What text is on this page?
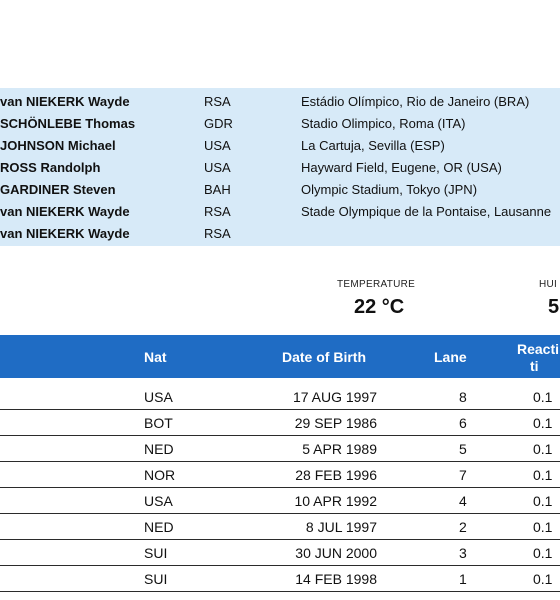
van NIEKERK Wayde	RSA	Estádio Olímpico, Rio de Janeiro (BRA)
SCHÖNLEBE Thomas	GDR	Stadio Olimpico, Roma (ITA)
JOHNSON Michael	USA	La Cartuja, Sevilla (ESP)
ROSS Randolph	USA	Hayward Field, Eugene, OR (USA)
GARDINER Steven	BAH	Olympic Stadium, Tokyo (JPN)
van NIEKERK Wayde	RSA	Stade Olympique de la Pontaise, Lausanne
van NIEKERK Wayde	RSA
TEMPERATURE
22 °C
HUI
5
Nat	Date of Birth	Lane	Reacti
ti
USA	17 AUG 1997	8	0.1
BOT	29 SEP 1986	6	0.1
NED	5 APR 1989	5	0.1
NOR	28 FEB 1996	7	0.1
USA	10 APR 1992	4	0.1
NED	8 JUL 1997	2	0.1
SUI	30 JUN 2000	3	0.1
SUI	14 FEB 1998	1	0.1
